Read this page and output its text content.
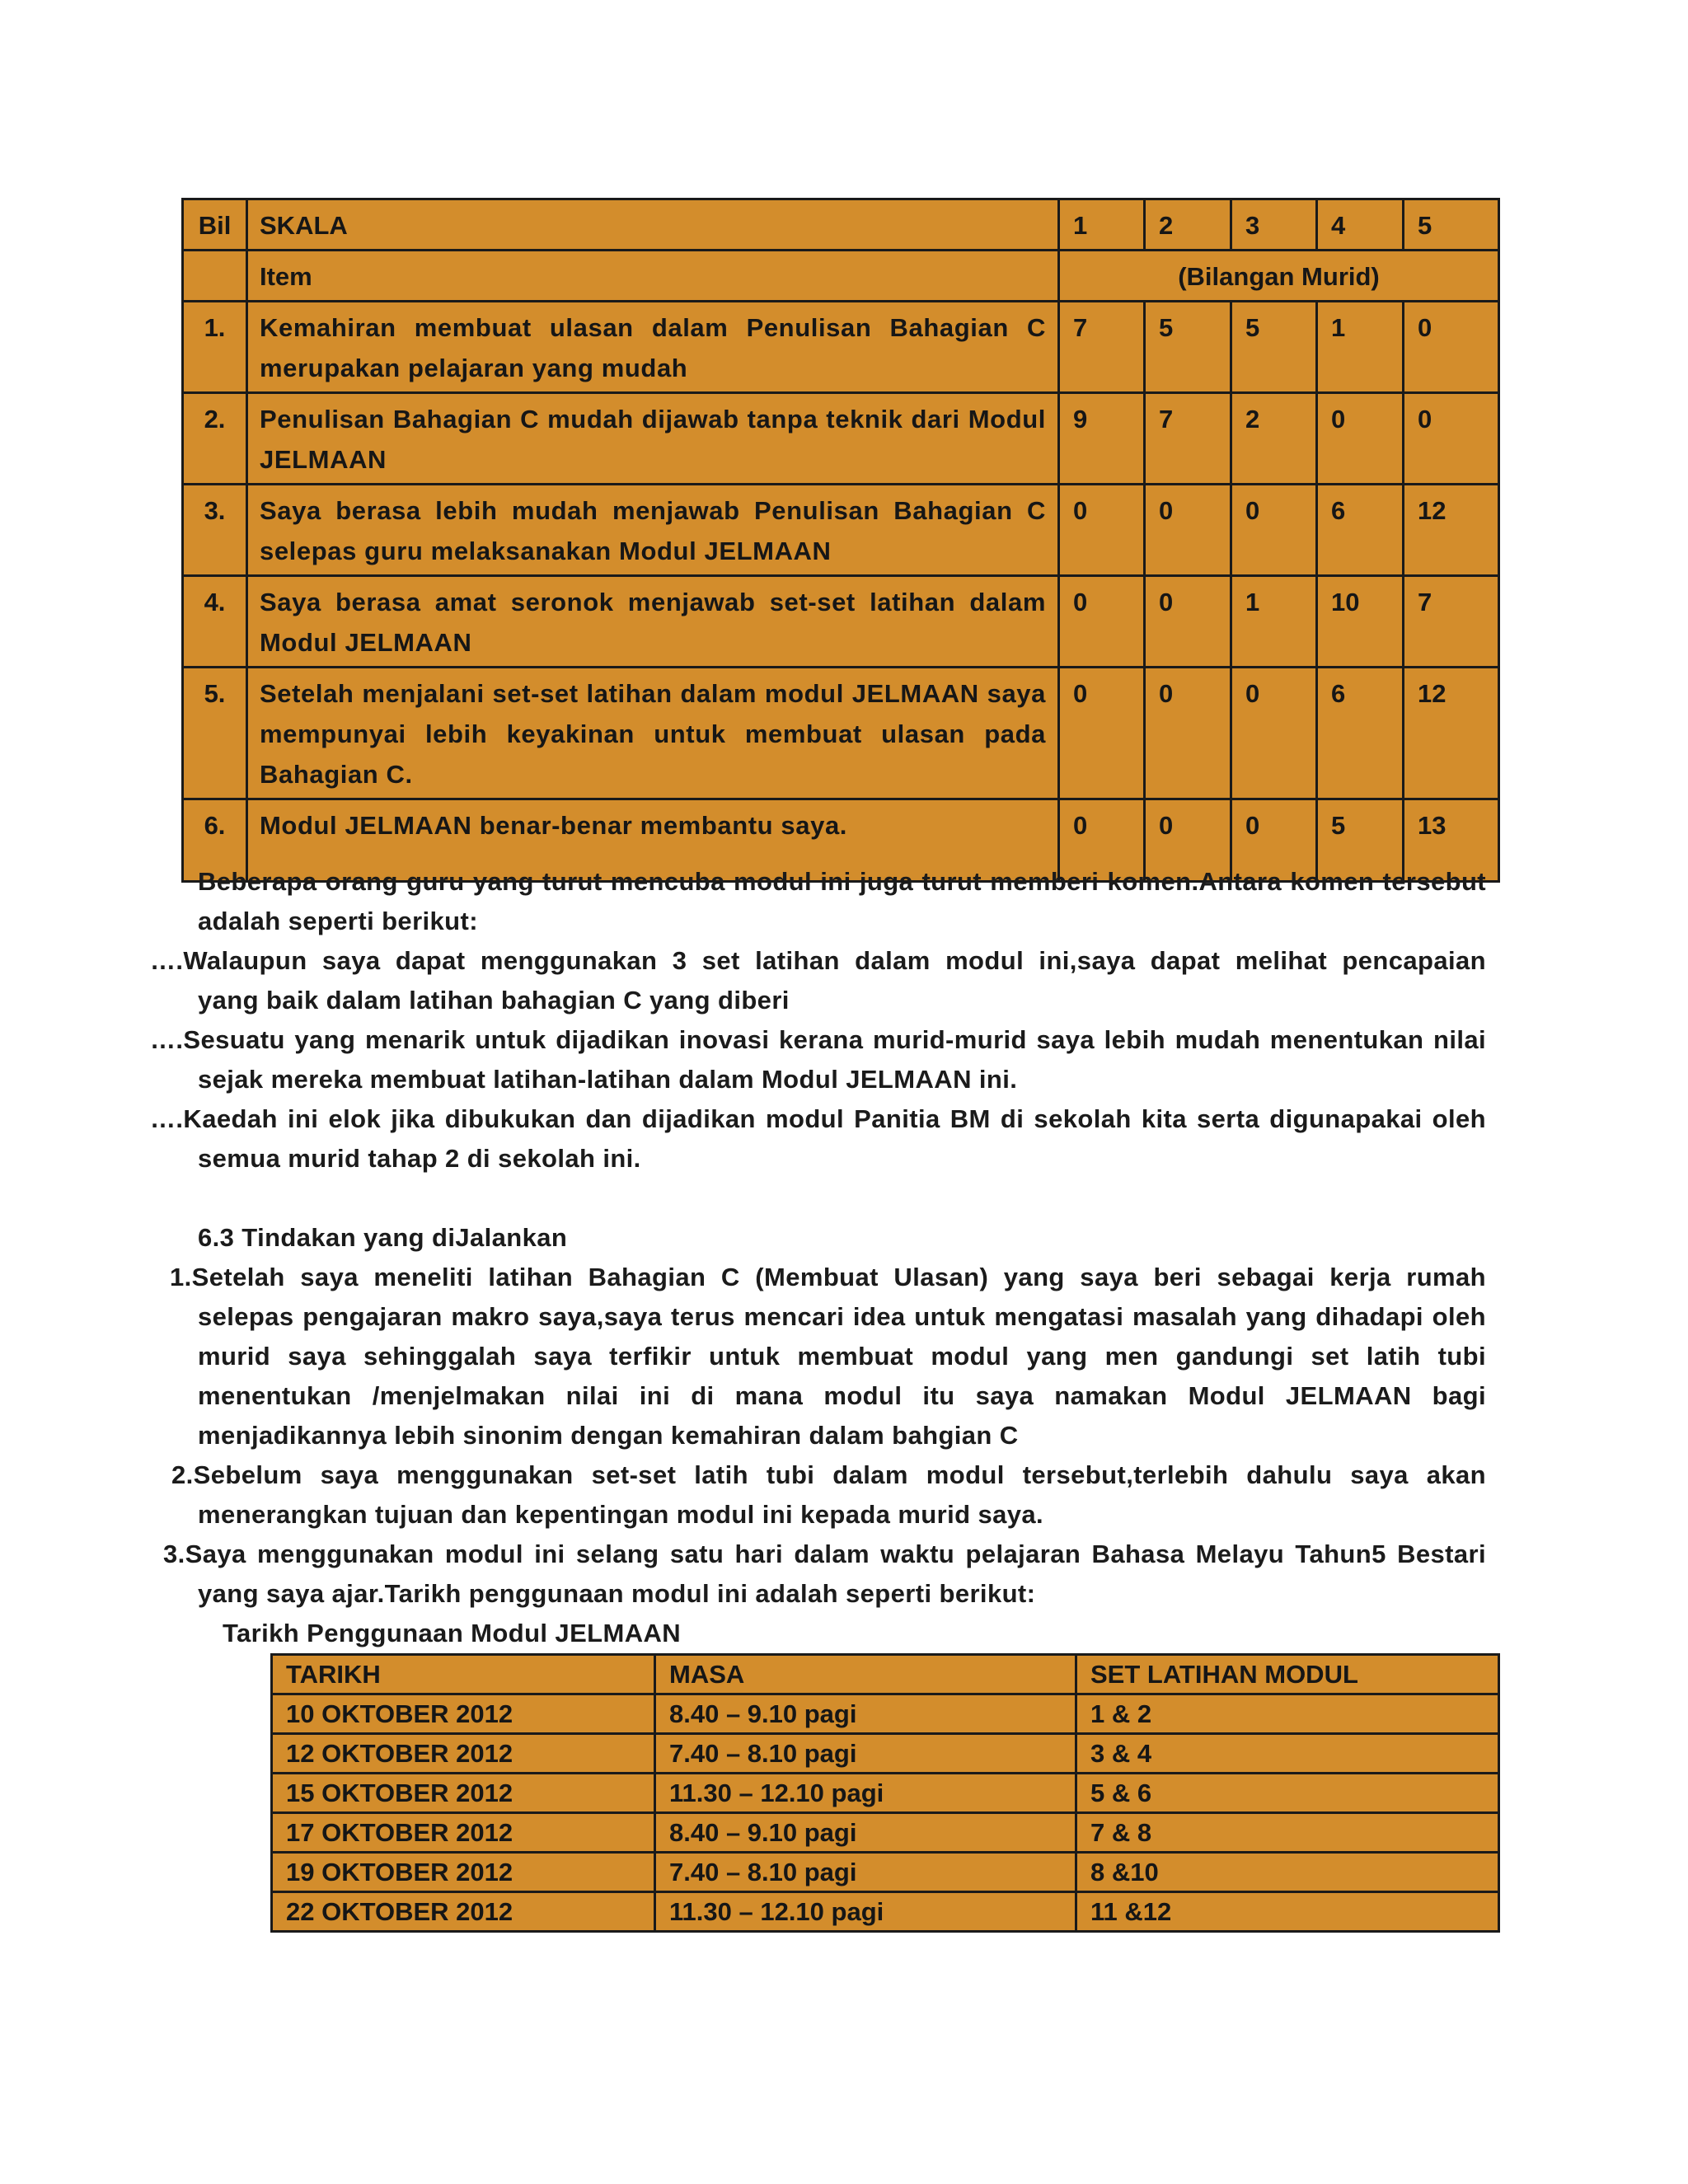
Bil	SKALA	1	2	3	4	5
	Item	(Bilangan Murid)				
1.	Kemahiran membuat ulasan dalam Penulisan Bahagian C merupakan pelajaran yang mudah	7	5	5	1	0
2.	Penulisan Bahagian C mudah dijawab tanpa teknik dari Modul JELMAAN	9	7	2	0	0
3.	Saya berasa lebih mudah menjawab Penulisan Bahagian C selepas guru melaksanakan Modul JELMAAN	0	0	0	6	12
4.	Saya berasa amat seronok menjawab set-set latihan dalam Modul JELMAAN	0	0	1	10	7
5.	Setelah menjalani set-set latihan dalam modul JELMAAN saya mempunyai lebih keyakinan untuk membuat ulasan pada Bahagian C.	0	0	0	6	12
6.	Modul JELMAAN benar-benar membantu saya.	0	0	0	5	13
Beberapa orang guru yang turut mencuba modul ini juga turut memberi komen.Antara komen tersebut
adalah seperti berikut:
….Walaupun saya dapat menggunakan 3 set latihan dalam modul ini,saya dapat melihat pencapaian
yang baik dalam latihan bahagian C yang diberi
….Sesuatu yang menarik untuk dijadikan inovasi kerana murid-murid saya lebih mudah menentukan nilai
sejak mereka membuat latihan-latihan dalam Modul JELMAAN ini.
….Kaedah ini elok jika dibukukan dan dijadikan modul Panitia BM di sekolah kita serta digunapakai oleh
semua murid tahap 2 di sekolah ini.
6.3 Tindakan yang diJalankan
1.Setelah saya meneliti latihan Bahagian C (Membuat Ulasan) yang saya beri sebagai kerja rumah
selepas pengajaran makro saya,saya terus mencari idea untuk mengatasi masalah yang dihadapi oleh
murid saya sehinggalah saya terfikir untuk membuat modul yang men gandungi set latih tubi
menentukan /menjelmakan nilai ini di mana modul itu saya namakan Modul JELMAAN bagi
menjadikannya lebih sinonim dengan kemahiran dalam bahgian C
2.Sebelum saya menggunakan set-set latih tubi dalam modul tersebut,terlebih dahulu saya akan
menerangkan tujuan dan kepentingan modul ini kepada murid saya.
3.Saya menggunakan modul ini selang satu hari dalam waktu pelajaran Bahasa Melayu Tahun5 Bestari
yang saya ajar.Tarikh penggunaan modul ini adalah seperti berikut:
Tarikh Penggunaan Modul JELMAAN
TARIKH	MASA	SET LATIHAN MODUL
10 OKTOBER 2012	8.40 – 9.10 pagi	1 & 2
12 OKTOBER 2012	7.40 – 8.10 pagi	3 & 4
15 OKTOBER 2012	11.30 – 12.10 pagi	5 & 6
17 OKTOBER 2012	8.40 – 9.10 pagi	7 & 8
19 OKTOBER 2012	7.40 – 8.10 pagi	8 &10
22 OKTOBER 2012	11.30 – 12.10 pagi	11 &12
